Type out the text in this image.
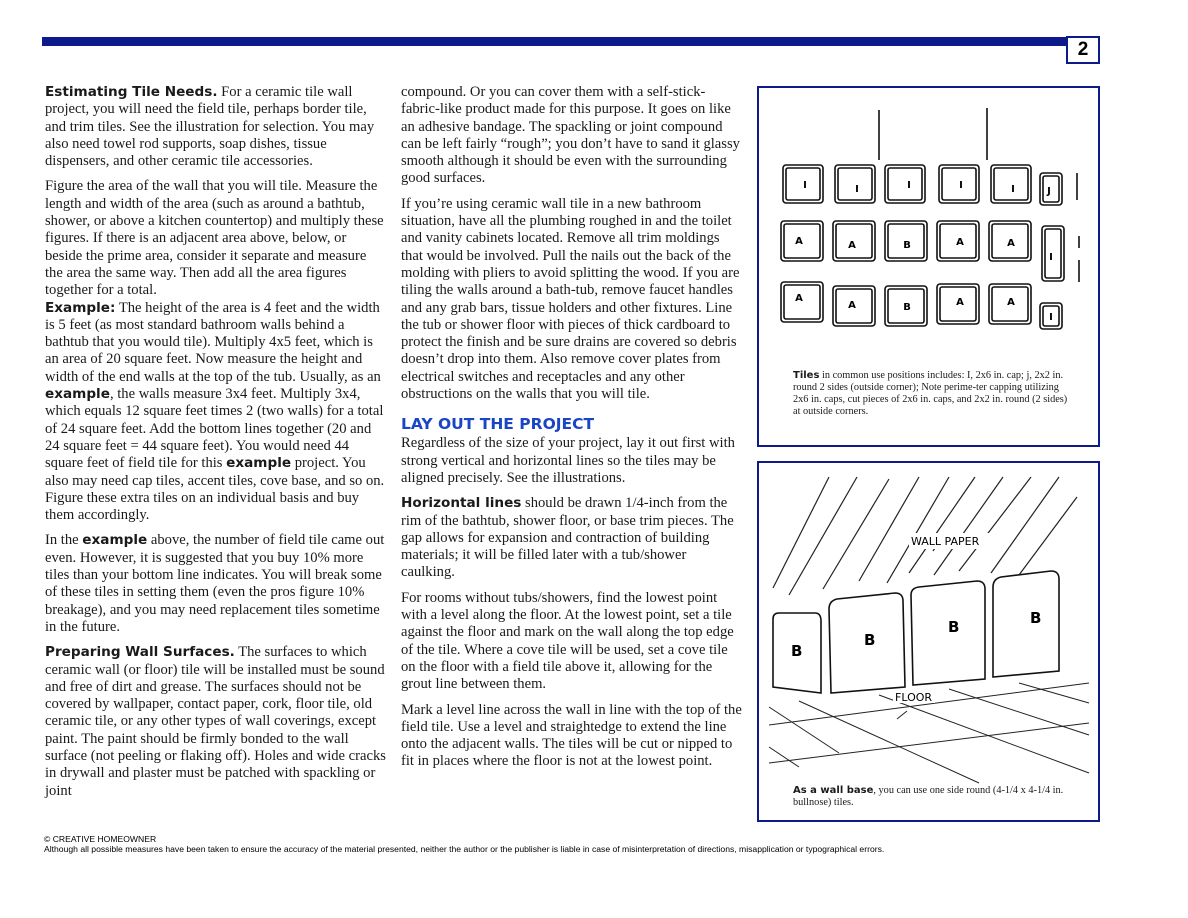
2

Estimating Tile Needs. For a ceramic tile wall project, you will need the field tile, perhaps border tile, and trim tiles. See the illustration for selection. You may also need towel rod supports, soap dishes, tissue dispensers, and other ceramic tile accessories.

Figure the area of the wall that you will tile. Measure the length and width of the area (such as around a bathtub, shower, or above a kitchen countertop) and multiply these figures. If there is an adjacent area above, below, or beside the prime area, consider it separate and measure the area the same way. Then add all the area figures together for a total.
Example: The height of the area is 4 feet and the width is 5 feet (as most standard bathroom walls behind a bathtub that you would tile). Multiply 4x5 feet, which is an area of 20 square feet. Now measure the height and width of the end walls at the top of the tub. Usually, as an example, the walls measure 3x4 feet. Multiply 3x4, which equals 12 square feet times 2 (two walls) for a total of 24 square feet. Add the bottom lines together (20 and 24 square feet = 44 square feet). You would need 44 square feet of field tile for this example project. You also may need cap tiles, accent tiles, cove base, and so on. Figure these extra tiles on an individual basis and buy them accordingly.

In the example above, the number of field tile came out even. However, it is suggested that you buy 10% more tiles than your bottom line indicates. You will break some of these tiles in setting them (even the pros figure 10% breakage), and you may need replacement tiles sometime in the future.

Preparing Wall Surfaces. The surfaces to which ceramic wall (or floor) tile will be installed must be sound and free of dirt and grease. The surfaces should not be covered by wallpaper, contact paper, cork, floor tile, old ceramic tile, or any other types of wall coverings, except paint. The paint should be firmly bonded to the wall surface (not peeling or flaking off). Holes and wide cracks in drywall and plaster must be patched with spackling or joint

compound. Or you can cover them with a self-stick-fabric-like product made for this purpose. It goes on like an adhesive bandage. The spackling or joint compound can be left fairly “rough”; you don’t have to sand it glassy smooth although it should be even with the surrounding good surfaces.

If you’re using ceramic wall tile in a new bathroom situation, have all the plumbing roughed in and the toilet and vanity cabinets located. Remove all trim moldings that would be involved. Pull the nails out the back of the molding with pliers to avoid splitting the wood. If you are tiling the walls around a bath-tub, remove faucet handles and any grab bars, tissue holders and other fixtures. Line the tub or shower floor with pieces of thick cardboard to protect the finish and be sure drains are covered so debris doesn’t drop into them. Also remove cover plates from electrical switches and receptacles and any other obstructions on the walls that you will tile.

LAY OUT THE PROJECT

Regardless of the size of your project, lay it out first with strong vertical and horizontal lines so the tiles may be aligned precisely. See the illustrations.

Horizontal lines should be drawn 1/4-inch from the rim of the bathtub, shower floor, or base trim pieces. The gap allows for expansion and contraction of building materials; it will be filled later with a tub/shower caulking.

For rooms without tubs/showers, find the lowest point with a level along the floor. At the lowest point, set a tile against the floor and mark on the wall along the top edge of the tile. Where a cove tile will be used, set a cove tile on the floor with a field tile above it, allowing for the grout line between them.

Mark a level line across the wall in line with the top of the field tile. Use a level and straightedge to extend the line onto the adjacent walls. The tiles will be cut or nipped to fit in places where the floor is not at the lowest point.

I	I	I	I	I	J
A	A	B	A	A
I
A
A	B	A	A
I
Tiles in common use positions includes: I, 2x6 in. cap; j, 2x2 in. round 2 sides (outside corner); Note perime-ter capping utilizing 2x6 in. caps, cut pieces of 2x6 in. caps, and 2x2 in. round (2 sides) at outside corners.
WALL PAPER
FLOOR
B
B
B	B
As a wall base, you can use one side round (4-1/4 x 4-1/4 in. bullnose) tiles.
© CREATIVE HOMEOWNER
Although all possible measures have been taken to ensure the accuracy of the material presented, neither the author or the publisher is liable in case of misinterpretation of directions, misapplication or typographical errors.
